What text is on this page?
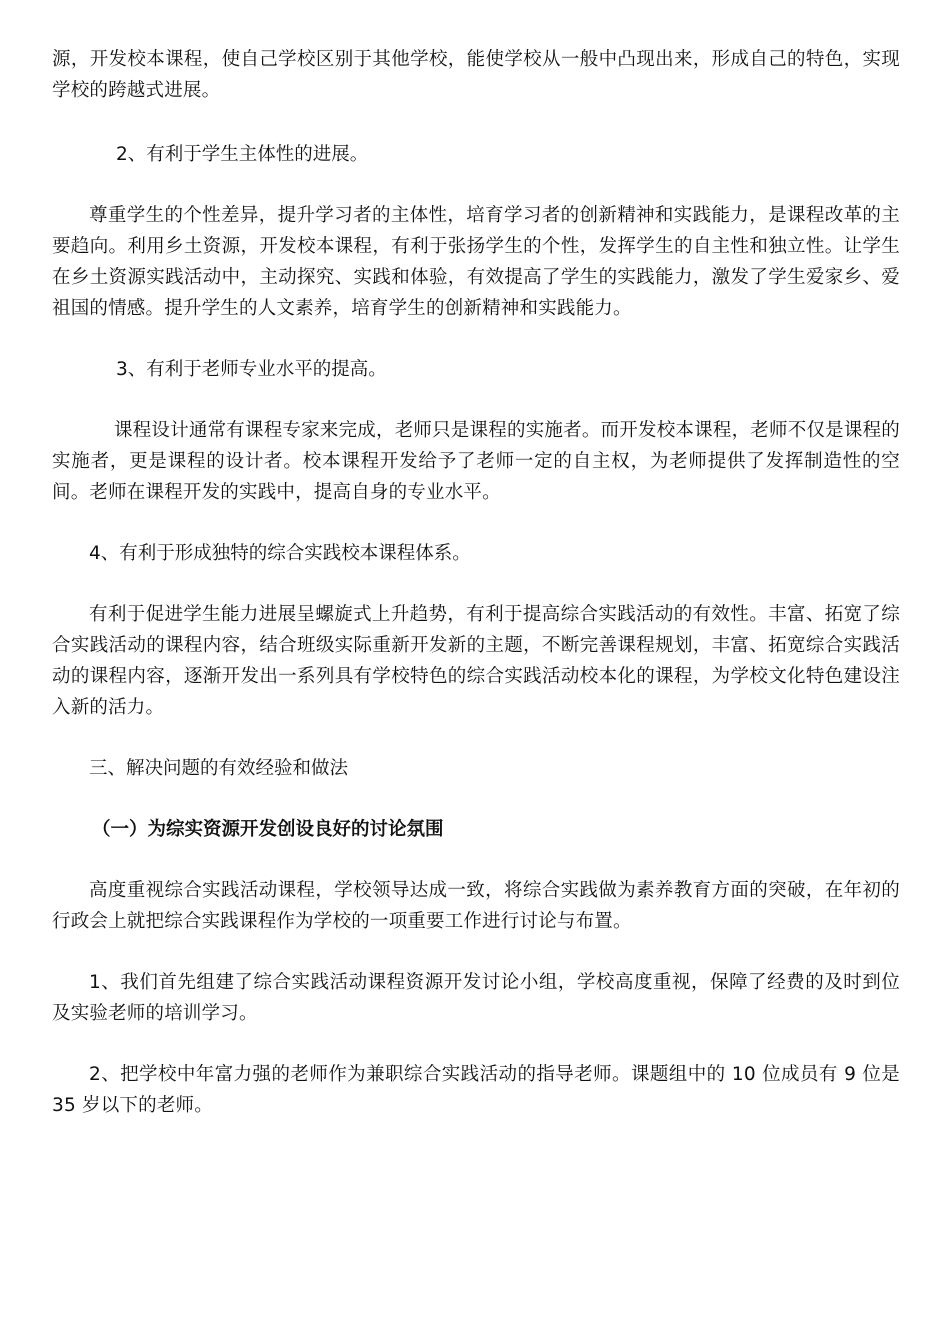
源，开发校本课程，使自己学校区别于其他学校，能使学校从一般中凸现出来，形成自己的特色，实现学校的跨越式进展。

2、有利于学生主体性的进展。

尊重学生的个性差异，提升学习者的主体性，培育学习者的创新精神和实践能力，是课程改革的主要趋向。利用乡土资源，开发校本课程，有利于张扬学生的个性，发挥学生的自主性和独立性。让学生在乡土资源实践活动中，主动探究、实践和体验，有效提高了学生的实践能力，激发了学生爱家乡、爱祖国的情感。提升学生的人文素养，培育学生的创新精神和实践能力。

3、有利于老师专业水平的提高。

课程设计通常有课程专家来完成，老师只是课程的实施者。而开发校本课程，老师不仅是课程的实施者，更是课程的设计者。校本课程开发给予了老师一定的自主权，为老师提供了发挥制造性的空间。老师在课程开发的实践中，提高自身的专业水平。

4、有利于形成独特的综合实践校本课程体系。

有利于促进学生能力进展呈螺旋式上升趋势，有利于提高综合实践活动的有效性。丰富、拓宽了综合实践活动的课程内容，结合班级实际重新开发新的主题，不断完善课程规划，丰富、拓宽综合实践活动的课程内容，逐渐开发出一系列具有学校特色的综合实践活动校本化的课程，为学校文化特色建设注入新的活力。

三、解决问题的有效经验和做法

（一）为综实资源开发创设良好的讨论氛围

高度重视综合实践活动课程，学校领导达成一致，将综合实践做为素养教育方面的突破，在年初的行政会上就把综合实践课程作为学校的一项重要工作进行讨论与布置。

1、我们首先组建了综合实践活动课程资源开发讨论小组，学校高度重视，保障了经费的及时到位及实验老师的培训学习。

2、把学校中年富力强的老师作为兼职综合实践活动的指导老师。课题组中的 10 位成员有 9 位是 35 岁以下的老师。
